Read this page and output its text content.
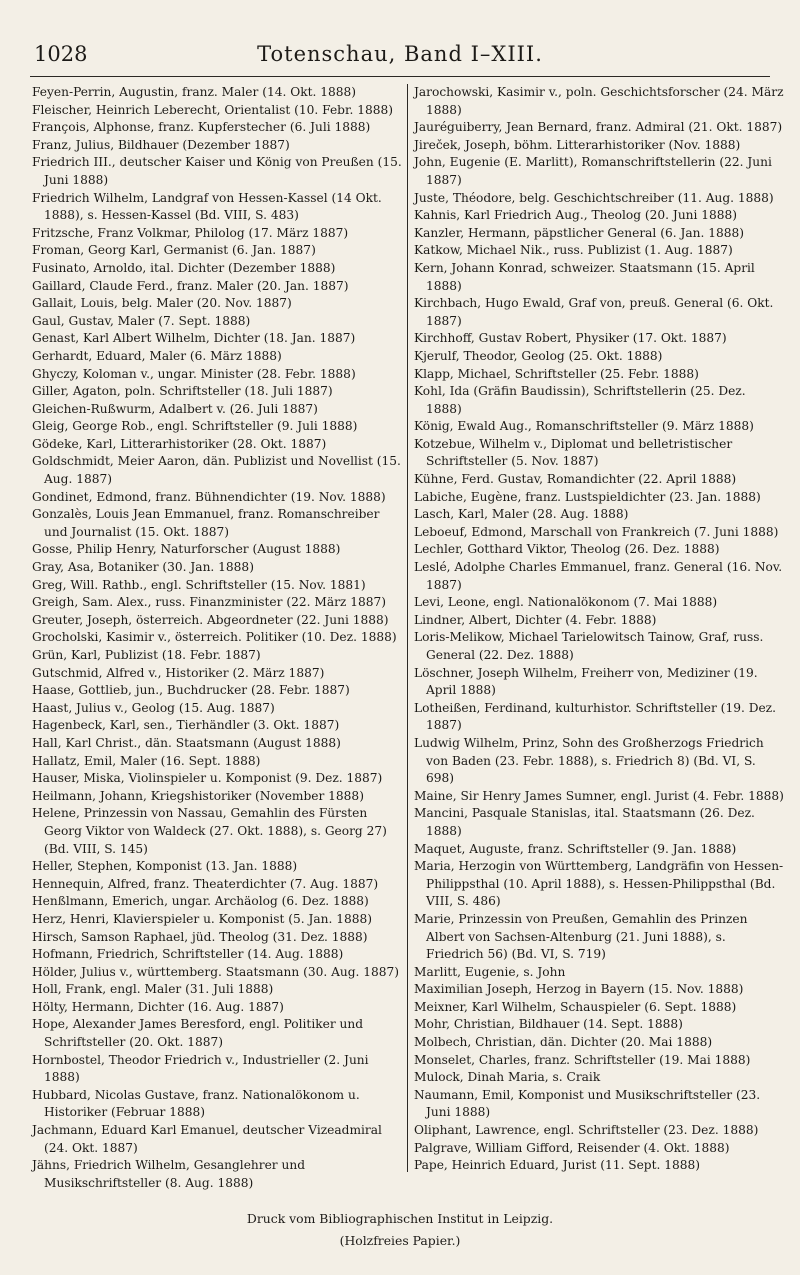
1028	Totenschau, Band I–XIII.
Feyen-Perrin, Augustin, franz. Maler (14. Okt. 1888)
Fleischer, Heinrich Leberecht, Orientalist (10. Febr. 1888)
François, Alphonse, franz. Kupferstecher (6. Juli 1888)
Franz, Julius, Bildhauer (Dezember 1887)
Friedrich III., deutscher Kaiser und König von Preußen (15. Juni 1888)
Friedrich Wilhelm, Landgraf von Hessen-Kassel (14 Okt. 1888), s. Hessen-Kassel (Bd. VIII, S. 483)
Fritzsche, Franz Volkmar, Philolog (17. März 1887)
Froman, Georg Karl, Germanist (6. Jan. 1887)
Fusinato, Arnoldo, ital. Dichter (Dezember 1888)
Gaillard, Claude Ferd., franz. Maler (20. Jan. 1887)
Gallait, Louis, belg. Maler (20. Nov. 1887)
Gaul, Gustav, Maler (7. Sept. 1888)
Genast, Karl Albert Wilhelm, Dichter (18. Jan. 1887)
Gerhardt, Eduard, Maler (6. März 1888)
Ghyczy, Koloman v., ungar. Minister (28. Febr. 1888)
Giller, Agaton, poln. Schriftsteller (18. Juli 1887)
Gleichen-Rußwurm, Adalbert v. (26. Juli 1887)
Gleig, George Rob., engl. Schriftsteller (9. Juli 1888)
Gödeke, Karl, Litterarhistoriker (28. Okt. 1887)
Goldschmidt, Meier Aaron, dän. Publizist und Novellist (15. Aug. 1887)
Gondinet, Edmond, franz. Bühnendichter (19. Nov. 1888)
Gonzalès, Louis Jean Emmanuel, franz. Romanschreiber und Journalist (15. Okt. 1887)
Gosse, Philip Henry, Naturforscher (August 1888)
Gray, Asa, Botaniker (30. Jan. 1888)
Greg, Will. Rathb., engl. Schriftsteller (15. Nov. 1881)
Greigh, Sam. Alex., russ. Finanzminister (22. März 1887)
Greuter, Joseph, österreich. Abgeordneter (22. Juni 1888)
Grocholski, Kasimir v., österreich. Politiker (10. Dez. 1888)
Grün, Karl, Publizist (18. Febr. 1887)
Gutschmid, Alfred v., Historiker (2. März 1887)
Haase, Gottlieb, jun., Buchdrucker (28. Febr. 1887)
Haast, Julius v., Geolog (15. Aug. 1887)
Hagenbeck, Karl, sen., Tierhändler (3. Okt. 1887)
Hall, Karl Christ., dän. Staatsmann (August 1888)
Hallatz, Emil, Maler (16. Sept. 1888)
Hauser, Miska, Violinspieler u. Komponist (9. Dez. 1887)
Heilmann, Johann, Kriegshistoriker (November 1888)
Helene, Prinzessin von Nassau, Gemahlin des Fürsten Georg Viktor von Waldeck (27. Okt. 1888), s. Georg 27) (Bd. VIII, S. 145)
Heller, Stephen, Komponist (13. Jan. 1888)
Hennequin, Alfred, franz. Theaterdichter (7. Aug. 1887)
Henßlmann, Emerich, ungar. Archäolog (6. Dez. 1888)
Herz, Henri, Klavierspieler u. Komponist (5. Jan. 1888)
Hirsch, Samson Raphael, jüd. Theolog (31. Dez. 1888)
Hofmann, Friedrich, Schriftsteller (14. Aug. 1888)
Hölder, Julius v., württemberg. Staatsmann (30. Aug. 1887)
Holl, Frank, engl. Maler (31. Juli 1888)
Hölty, Hermann, Dichter (16. Aug. 1887)
Hope, Alexander James Beresford, engl. Politiker und Schriftsteller (20. Okt. 1887)
Hornbostel, Theodor Friedrich v., Industrieller (2. Juni 1888)
Hubbard, Nicolas Gustave, franz. Nationalökonom u. Historiker (Februar 1888)
Jachmann, Eduard Karl Emanuel, deutscher Vizeadmiral (24. Okt. 1887)
Jähns, Friedrich Wilhelm, Gesanglehrer und Musikschriftsteller (8. Aug. 1888)
Jarochowski, Kasimir v., poln. Geschichtsforscher (24. März 1888)
Jauréguiberry, Jean Bernard, franz. Admiral (21. Okt. 1887)
Jireček, Joseph, böhm. Litterarhistoriker (Nov. 1888)
John, Eugenie (E. Marlitt), Romanschriftstellerin (22. Juni 1887)
Juste, Théodore, belg. Geschichtschreiber (11. Aug. 1888)
Kahnis, Karl Friedrich Aug., Theolog (20. Juni 1888)
Kanzler, Hermann, päpstlicher General (6. Jan. 1888)
Katkow, Michael Nik., russ. Publizist (1. Aug. 1887)
Kern, Johann Konrad, schweizer. Staatsmann (15. April 1888)
Kirchbach, Hugo Ewald, Graf von, preuß. General (6. Okt. 1887)
Kirchhoff, Gustav Robert, Physiker (17. Okt. 1887)
Kjerulf, Theodor, Geolog (25. Okt. 1888)
Klapp, Michael, Schriftsteller (25. Febr. 1888)
Kohl, Ida (Gräfin Baudissin), Schriftstellerin (25. Dez. 1888)
König, Ewald Aug., Romanschriftsteller (9. März 1888)
Kotzebue, Wilhelm v., Diplomat und belletristischer Schriftsteller (5. Nov. 1887)
Kühne, Ferd. Gustav, Romandichter (22. April 1888)
Labiche, Eugène, franz. Lustspieldichter (23. Jan. 1888)
Lasch, Karl, Maler (28. Aug. 1888)
Leboeuf, Edmond, Marschall von Frankreich (7. Juni 1888)
Lechler, Gotthard Viktor, Theolog (26. Dez. 1888)
Leslé, Adolphe Charles Emmanuel, franz. General (16. Nov. 1887)
Levi, Leone, engl. Nationalökonom (7. Mai 1888)
Lindner, Albert, Dichter (4. Febr. 1888)
Loris-Melikow, Michael Tarielowitsch Tainow, Graf, russ. General (22. Dez. 1888)
Löschner, Joseph Wilhelm, Freiherr von, Mediziner (19. April 1888)
Lotheißen, Ferdinand, kulturhistor. Schriftsteller (19. Dez. 1887)
Ludwig Wilhelm, Prinz, Sohn des Großherzogs Friedrich von Baden (23. Febr. 1888), s. Friedrich 8) (Bd. VI, S. 698)
Maine, Sir Henry James Sumner, engl. Jurist (4. Febr. 1888)
Mancini, Pasquale Stanislas, ital. Staatsmann (26. Dez. 1888)
Maquet, Auguste, franz. Schriftsteller (9. Jan. 1888)
Maria, Herzogin von Württemberg, Landgräfin von Hessen-Philippsthal (10. April 1888), s. Hessen-Philippsthal (Bd. VIII, S. 486)
Marie, Prinzessin von Preußen, Gemahlin des Prinzen Albert von Sachsen-Altenburg (21. Juni 1888), s. Friedrich 56) (Bd. VI, S. 719)
Marlitt, Eugenie, s. John
Maximilian Joseph, Herzog in Bayern (15. Nov. 1888)
Meixner, Karl Wilhelm, Schauspieler (6. Sept. 1888)
Mohr, Christian, Bildhauer (14. Sept. 1888)
Molbech, Christian, dän. Dichter (20. Mai 1888)
Monselet, Charles, franz. Schriftsteller (19. Mai 1888)
Mulock, Dinah Maria, s. Craik
Naumann, Emil, Komponist und Musikschriftsteller (23. Juni 1888)
Oliphant, Lawrence, engl. Schriftsteller (23. Dez. 1888)
Palgrave, William Gifford, Reisender (4. Okt. 1888)
Pape, Heinrich Eduard, Jurist (11. Sept. 1888)
Druck vom Bibliographischen Institut in Leipzig.
(Holzfreies Papier.)
